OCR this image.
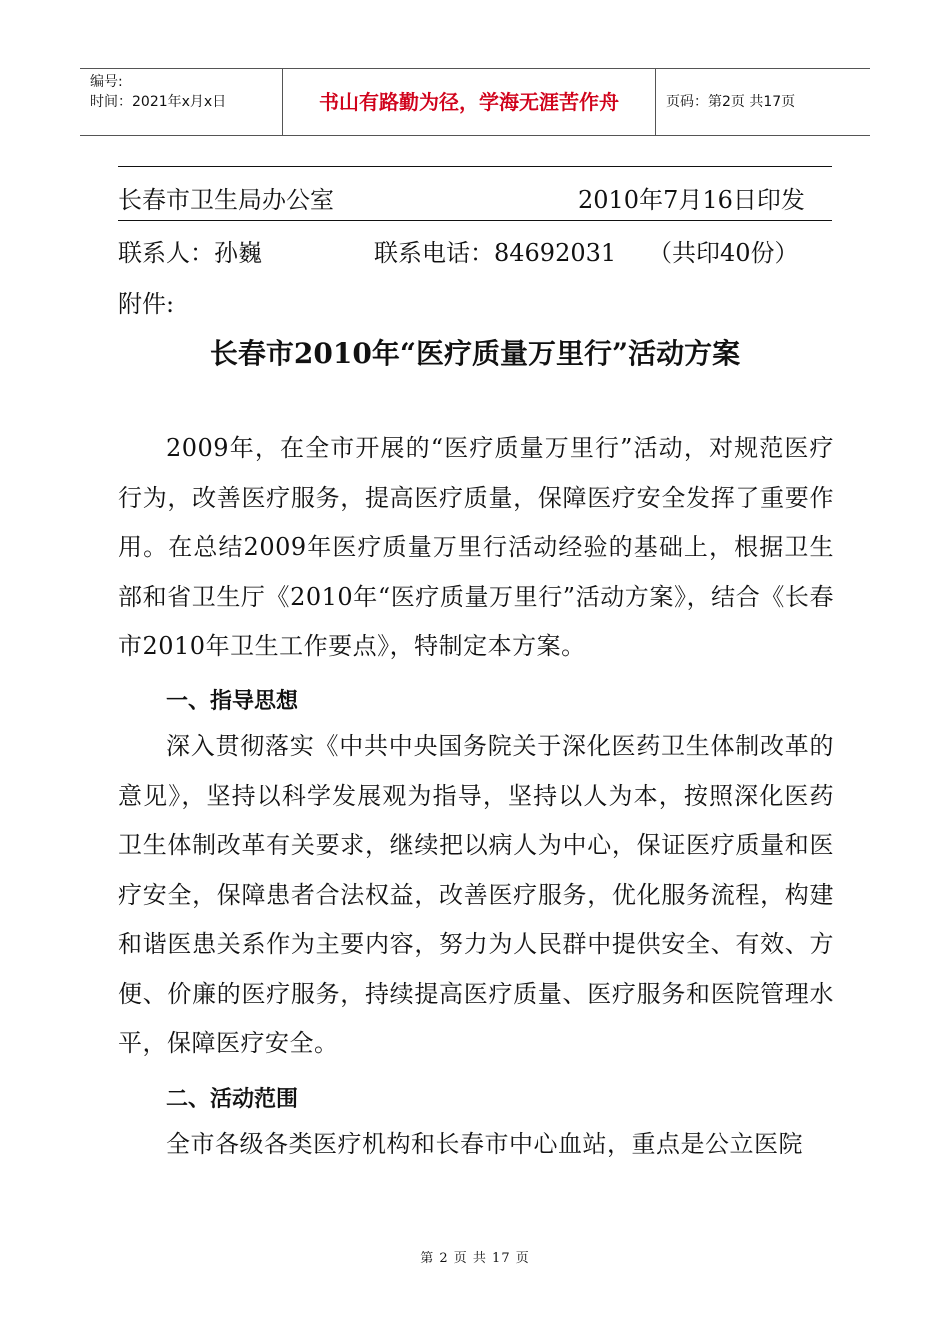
编号:
时间：2021年x月x日	书山有路勤为径，学海无涯苦作舟	页码：第2页 共17页
长春市卫生局办公室	2010年7月16日印发
联系人：孙巍	联系电话：84692031 （共印40份）
附件:
长春市2010年“医疗质量万里行”活动方案
2009年，在全市开展的“医疗质量万里行”活动，对规范医疗行为，改善医疗服务，提高医疗质量，保障医疗安全发挥了重要作用。在总结2009年医疗质量万里行活动经验的基础上，根据卫生部和省卫生厅《2010年“医疗质量万里行”活动方案》，结合《长春市2010年卫生工作要点》，特制定本方案。
一、指导思想
深入贯彻落实《中共中央国务院关于深化医药卫生体制改革的意见》，坚持以科学发展观为指导，坚持以人为本，按照深化医药卫生体制改革有关要求，继续把以病人为中心，保证医疗质量和医疗安全，保障患者合法权益，改善医疗服务，优化服务流程，构建和谐医患关系作为主要内容，努力为人民群中提供安全、有效、方便、价廉的医疗服务，持续提高医疗质量、医疗服务和医院管理水平，保障医疗安全。
二、活动范围
全市各级各类医疗机构和长春市中心血站，重点是公立医院
第 2 页 共 17 页
